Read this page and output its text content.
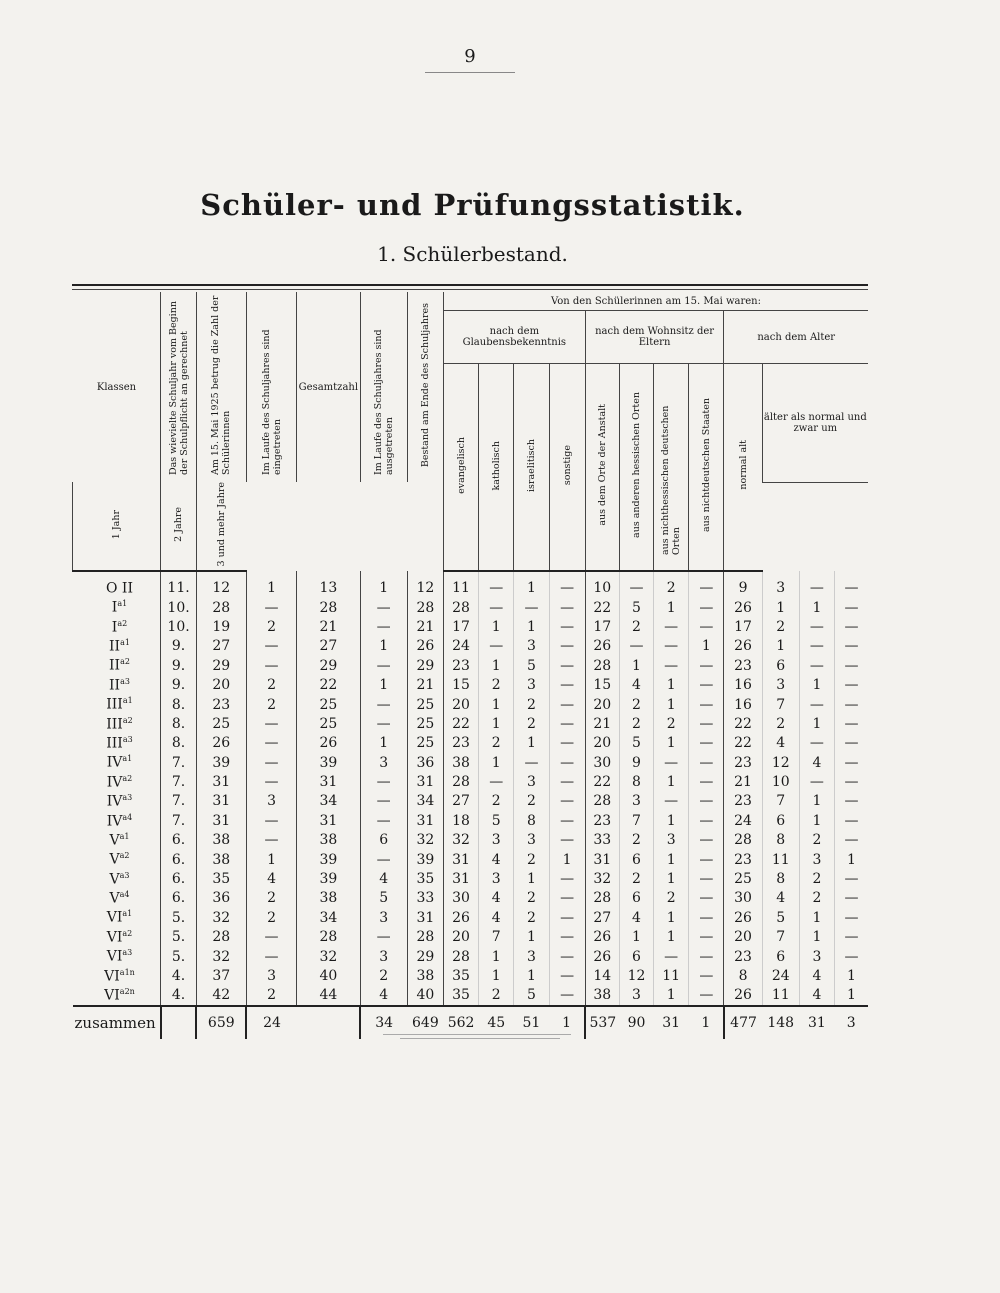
9
Schüler- und Prüfungsstatistik.
1. Schülerbestand.
Klassen	Das wievielte Schuljahr vom Beginn der Schulpflicht an gerechnet	Am 15. Mai 1925 betrug die Zahl der Schülerinnen	Im Laufe des Schuljahres sind eingetreten	Gesamtzahl	Im Laufe des Schuljahres sind ausgetreten	Bestand am Ende des Schuljahres	Von den Schülerinnen am 15. Mai waren:											
							nach dem Glaubensbekenntnis				nach dem Wohnsitz der Eltern				nach dem Alter			
							evangelisch	katholisch	israelitisch	sonstige	aus dem Orte der Anstalt	aus anderen hessischen Orten	aus nichthessischen deutschen Orten	aus nichtdeutschen Staaten	normal alt	älter als normal und zwar um		
1 Jahr	2 Jahre	3 und mehr Jahre																
O II	11.	12	1	13	1	12	11	—	1	—	10	—	2	—	9	3	—	—
$I^{a1}$	10.	28	—	28	—	28	28	—	—	—	22	5	1	—	26	1	1	—
$I^{a2}$	10.	19	2	21	—	21	17	1	1	—	17	2	—	—	17	2	—	—
$II^{a1}$	9.	27	—	27	1	26	24	—	3	—	26	—	—	1	26	1	—	—
$II^{a2}$	9.	29	—	29	—	29	23	1	5	—	28	1	—	—	23	6	—	—
$II^{a3}$	9.	20	2	22	1	21	15	2	3	—	15	4	1	—	16	3	1	—
$III^{a1}$	8.	23	2	25	—	25	20	1	2	—	20	2	1	—	16	7	—	—
$III^{a2}$	8.	25	—	25	—	25	22	1	2	—	21	2	2	—	22	2	1	—
$III^{a3}$	8.	26	—	26	1	25	23	2	1	—	20	5	1	—	22	4	—	—
$IV^{a1}$	7.	39	—	39	3	36	38	1	—	—	30	9	—	—	23	12	4	—
$IV^{a2}$	7.	31	—	31	—	31	28	—	3	—	22	8	1	—	21	10	—	—
$IV^{a3}$	7.	31	3	34	—	34	27	2	2	—	28	3	—	—	23	7	1	—
$IV^{a4}$	7.	31	—	31	—	31	18	5	8	—	23	7	1	—	24	6	1	—
$V^{a1}$	6.	38	—	38	6	32	32	3	3	—	33	2	3	—	28	8	2	—
$V^{a2}$	6.	38	1	39	—	39	31	4	2	1	31	6	1	—	23	11	3	1
$V^{a3}$	6.	35	4	39	4	35	31	3	1	—	32	2	1	—	25	8	2	—
$V^{a4}$	6.	36	2	38	5	33	30	4	2	—	28	6	2	—	30	4	2	—
$VI^{a1}$	5.	32	2	34	3	31	26	4	2	—	27	4	1	—	26	5	1	—
$VI^{a2}$	5.	28	—	28	—	28	20	7	1	—	26	1	1	—	20	7	1	—
$VI^{a3}$	5.	32	—	32	3	29	28	1	3	—	26	6	—	—	23	6	3	—
$VI^{a1n}$	4.	37	3	40	2	38	35	1	1	—	14	12	11	—	8	24	4	1
$VI^{a2n}$	4.	42	2	44	4	40	35	2	5	—	38	3	1	—	26	11	4	1
zusammen		659	24		34	649	562	45	51	1	537	90	31	1	477	148	31	3
